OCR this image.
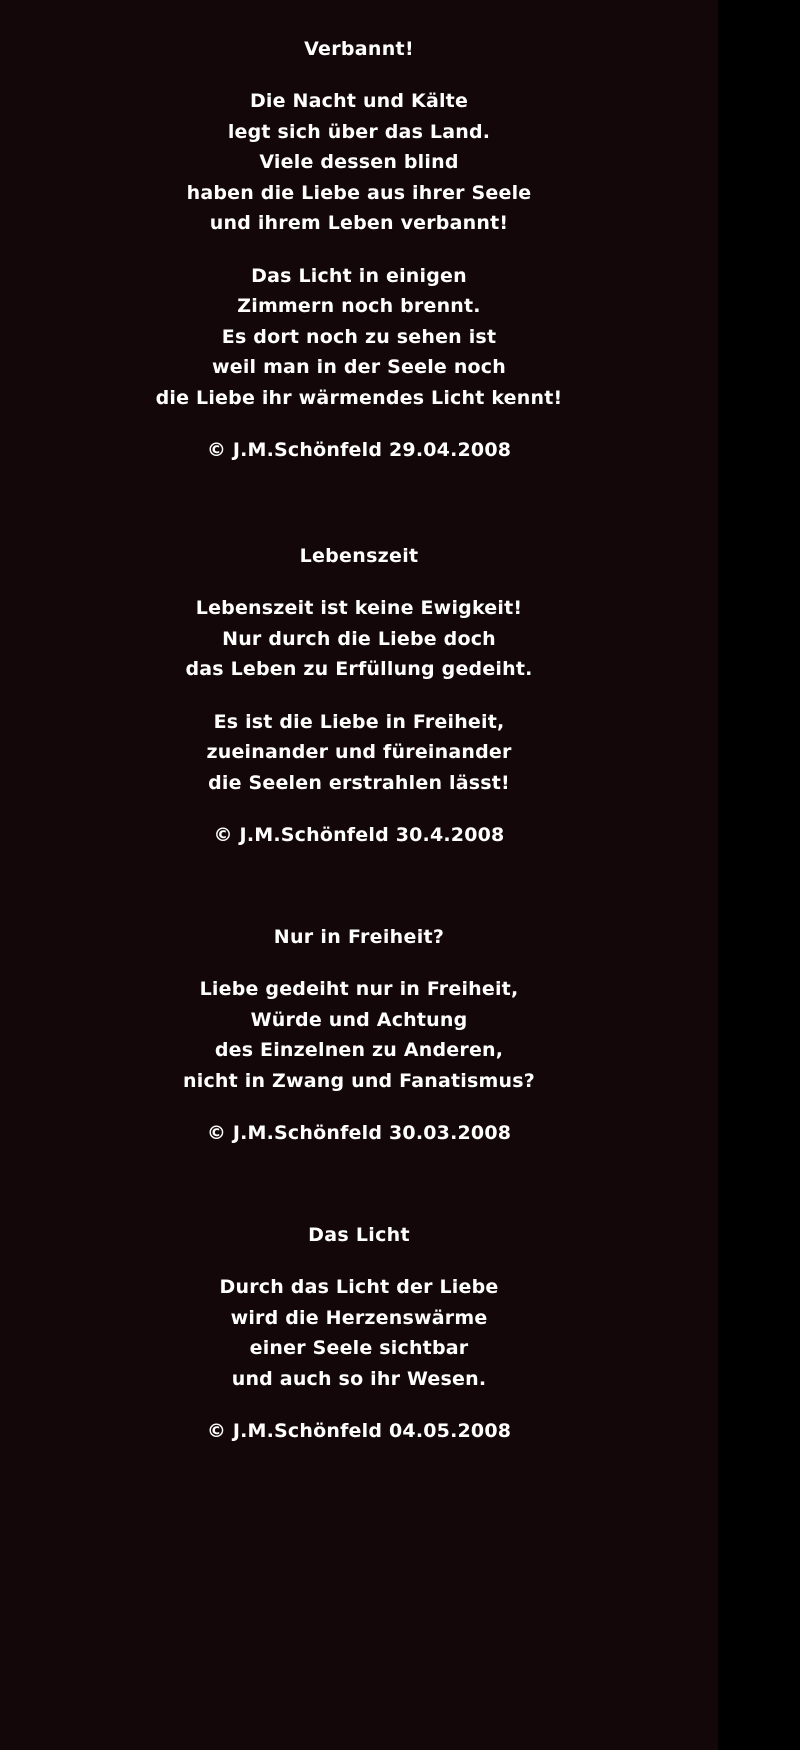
Verbannt!
Die Nacht und Kälte
legt sich über das Land.
Viele dessen blind
haben die Liebe aus ihrer Seele
und ihrem Leben verbannt!
Das Licht in einigen
Zimmern noch brennt.
Es dort noch zu sehen ist
weil man in der Seele noch
die Liebe ihr wärmendes Licht kennt!
© J.M.Schönfeld 29.04.2008
Lebenszeit
Lebenszeit ist keine Ewigkeit!
Nur durch die Liebe doch
das Leben zu Erfüllung gedeiht.
Es ist die Liebe in Freiheit,
zueinander und füreinander
die Seelen erstrahlen lässt!
© J.M.Schönfeld 30.4.2008
Nur in Freiheit?
Liebe gedeiht nur in Freiheit,
Würde und Achtung
des Einzelnen zu Anderen,
nicht in Zwang und Fanatismus?
© J.M.Schönfeld 30.03.2008
Das Licht
Durch das Licht der Liebe
wird die Herzenswärme
einer Seele sichtbar
und auch so ihr Wesen.
© J.M.Schönfeld 04.05.2008
